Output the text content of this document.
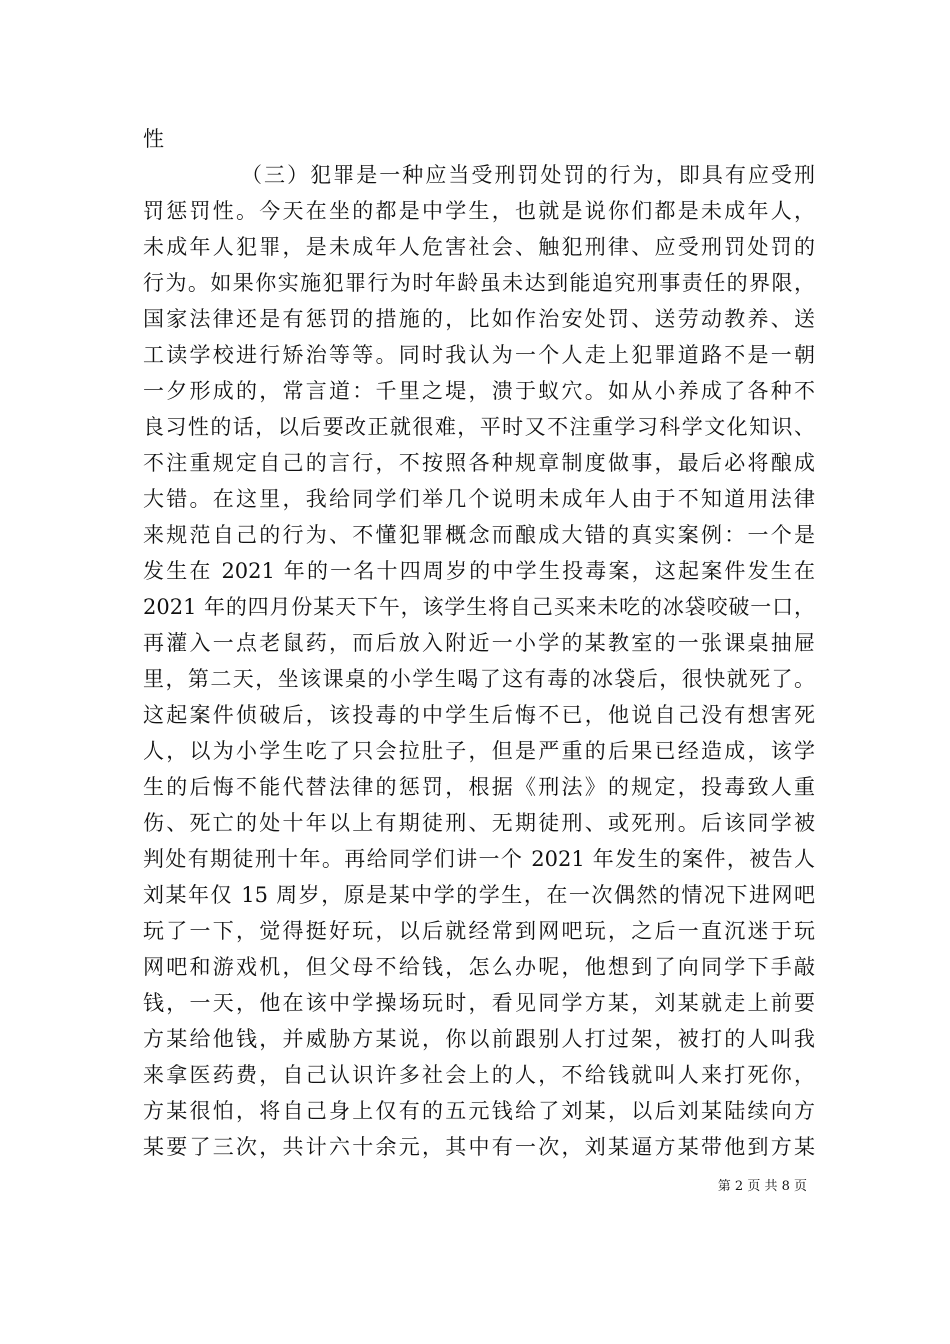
性
（三）犯罪是一种应当受刑罚处罚的行为，即具有应受刑
罚惩罚性。今天在坐的都是中学生，也就是说你们都是未成年人，
未成年人犯罪，是未成年人危害社会、触犯刑律、应受刑罚处罚的
行为。如果你实施犯罪行为时年龄虽未达到能追究刑事责任的界限，
国家法律还是有惩罚的措施的，比如作治安处罚、送劳动教养、送
工读学校进行矫治等等。同时我认为一个人走上犯罪道路不是一朝
一夕形成的，常言道：千里之堤，溃于蚁穴。如从小养成了各种不
良习性的话，以后要改正就很难，平时又不注重学习科学文化知识、
不注重规定自己的言行，不按照各种规章制度做事，最后必将酿成
大错。在这里，我给同学们举几个说明未成年人由于不知道用法律
来规范自己的行为、不懂犯罪概念而酿成大错的真实案例：一个是
发生在 2021 年的一名十四周岁的中学生投毒案，这起案件发生在
2021 年的四月份某天下午，该学生将自己买来未吃的冰袋咬破一口，
再灌入一点老鼠药，而后放入附近一小学的某教室的一张课桌抽屉
里，第二天，坐该课桌的小学生喝了这有毒的冰袋后，很快就死了。
这起案件侦破后，该投毒的中学生后悔不已，他说自己没有想害死
人，以为小学生吃了只会拉肚子，但是严重的后果已经造成，该学
生的后悔不能代替法律的惩罚，根据《刑法》的规定，投毒致人重
伤、死亡的处十年以上有期徒刑、无期徒刑、或死刑。后该同学被
判处有期徒刑十年。再给同学们讲一个 2021 年发生的案件，被告人
刘某年仅 15 周岁，原是某中学的学生，在一次偶然的情况下进网吧
玩了一下，觉得挺好玩，以后就经常到网吧玩，之后一直沉迷于玩
网吧和游戏机，但父母不给钱，怎么办呢，他想到了向同学下手敲
钱，一天，他在该中学操场玩时，看见同学方某，刘某就走上前要
方某给他钱，并威胁方某说，你以前跟别人打过架，被打的人叫我
来拿医药费，自己认识许多社会上的人，不给钱就叫人来打死你，
方某很怕，将自己身上仅有的五元钱给了刘某，以后刘某陆续向方
某要了三次，共计六十余元，其中有一次，刘某逼方某带他到方某
第 2 页 共 8 页
